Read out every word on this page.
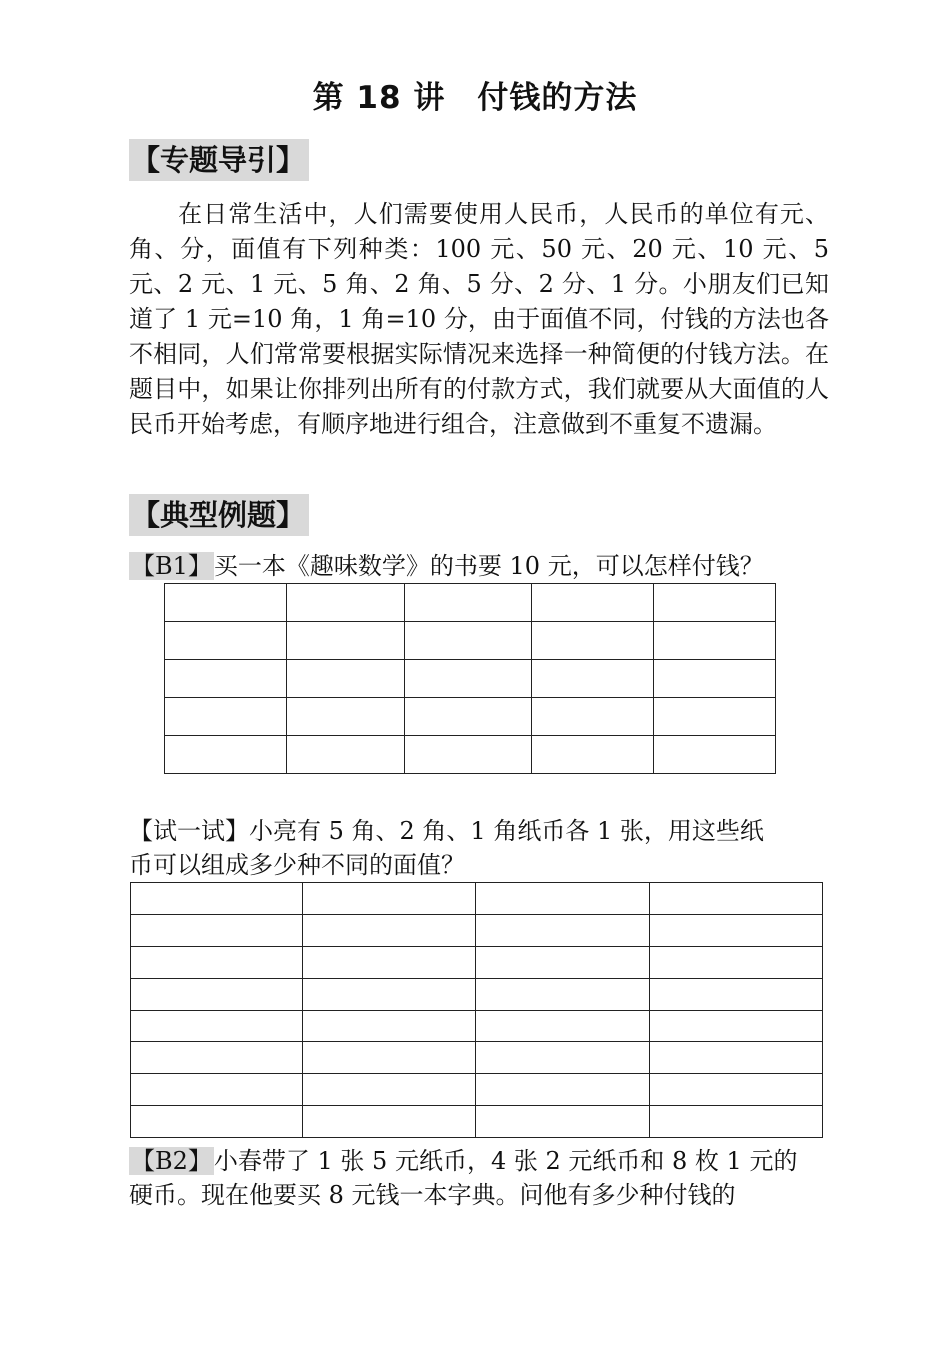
第 18 讲　付钱的方法
【专题导引】
在日常生活中，人们需要使用人民币，人民币的单位有元、角、分，面值有下列种类：100 元、50 元、20 元、10 元、5 元、2 元、1 元、5 角、2 角、5 分、2 分、1 分。小朋友们已知道了 1 元=10 角，1 角=10 分，由于面值不同，付钱的方法也各不相同，人们常常要根据实际情况来选择一种简便的付钱方法。在题目中，如果让你排列出所有的付款方式，我们就要从大面值的人民币开始考虑，有顺序地进行组合，注意做到不重复不遗漏。
【典型例题】
【B1】买一本《趣味数学》的书要 10 元，可以怎样付钱？

【试一试】小亮有 5 角、2 角、1 角纸币各 1 张，用这些纸
币可以组成多少种不同的面值？

【B2】小春带了 1 张 5 元纸币，4 张 2 元纸币和 8 枚 1 元的
硬币。现在他要买 8 元钱一本字典。问他有多少种付钱的
